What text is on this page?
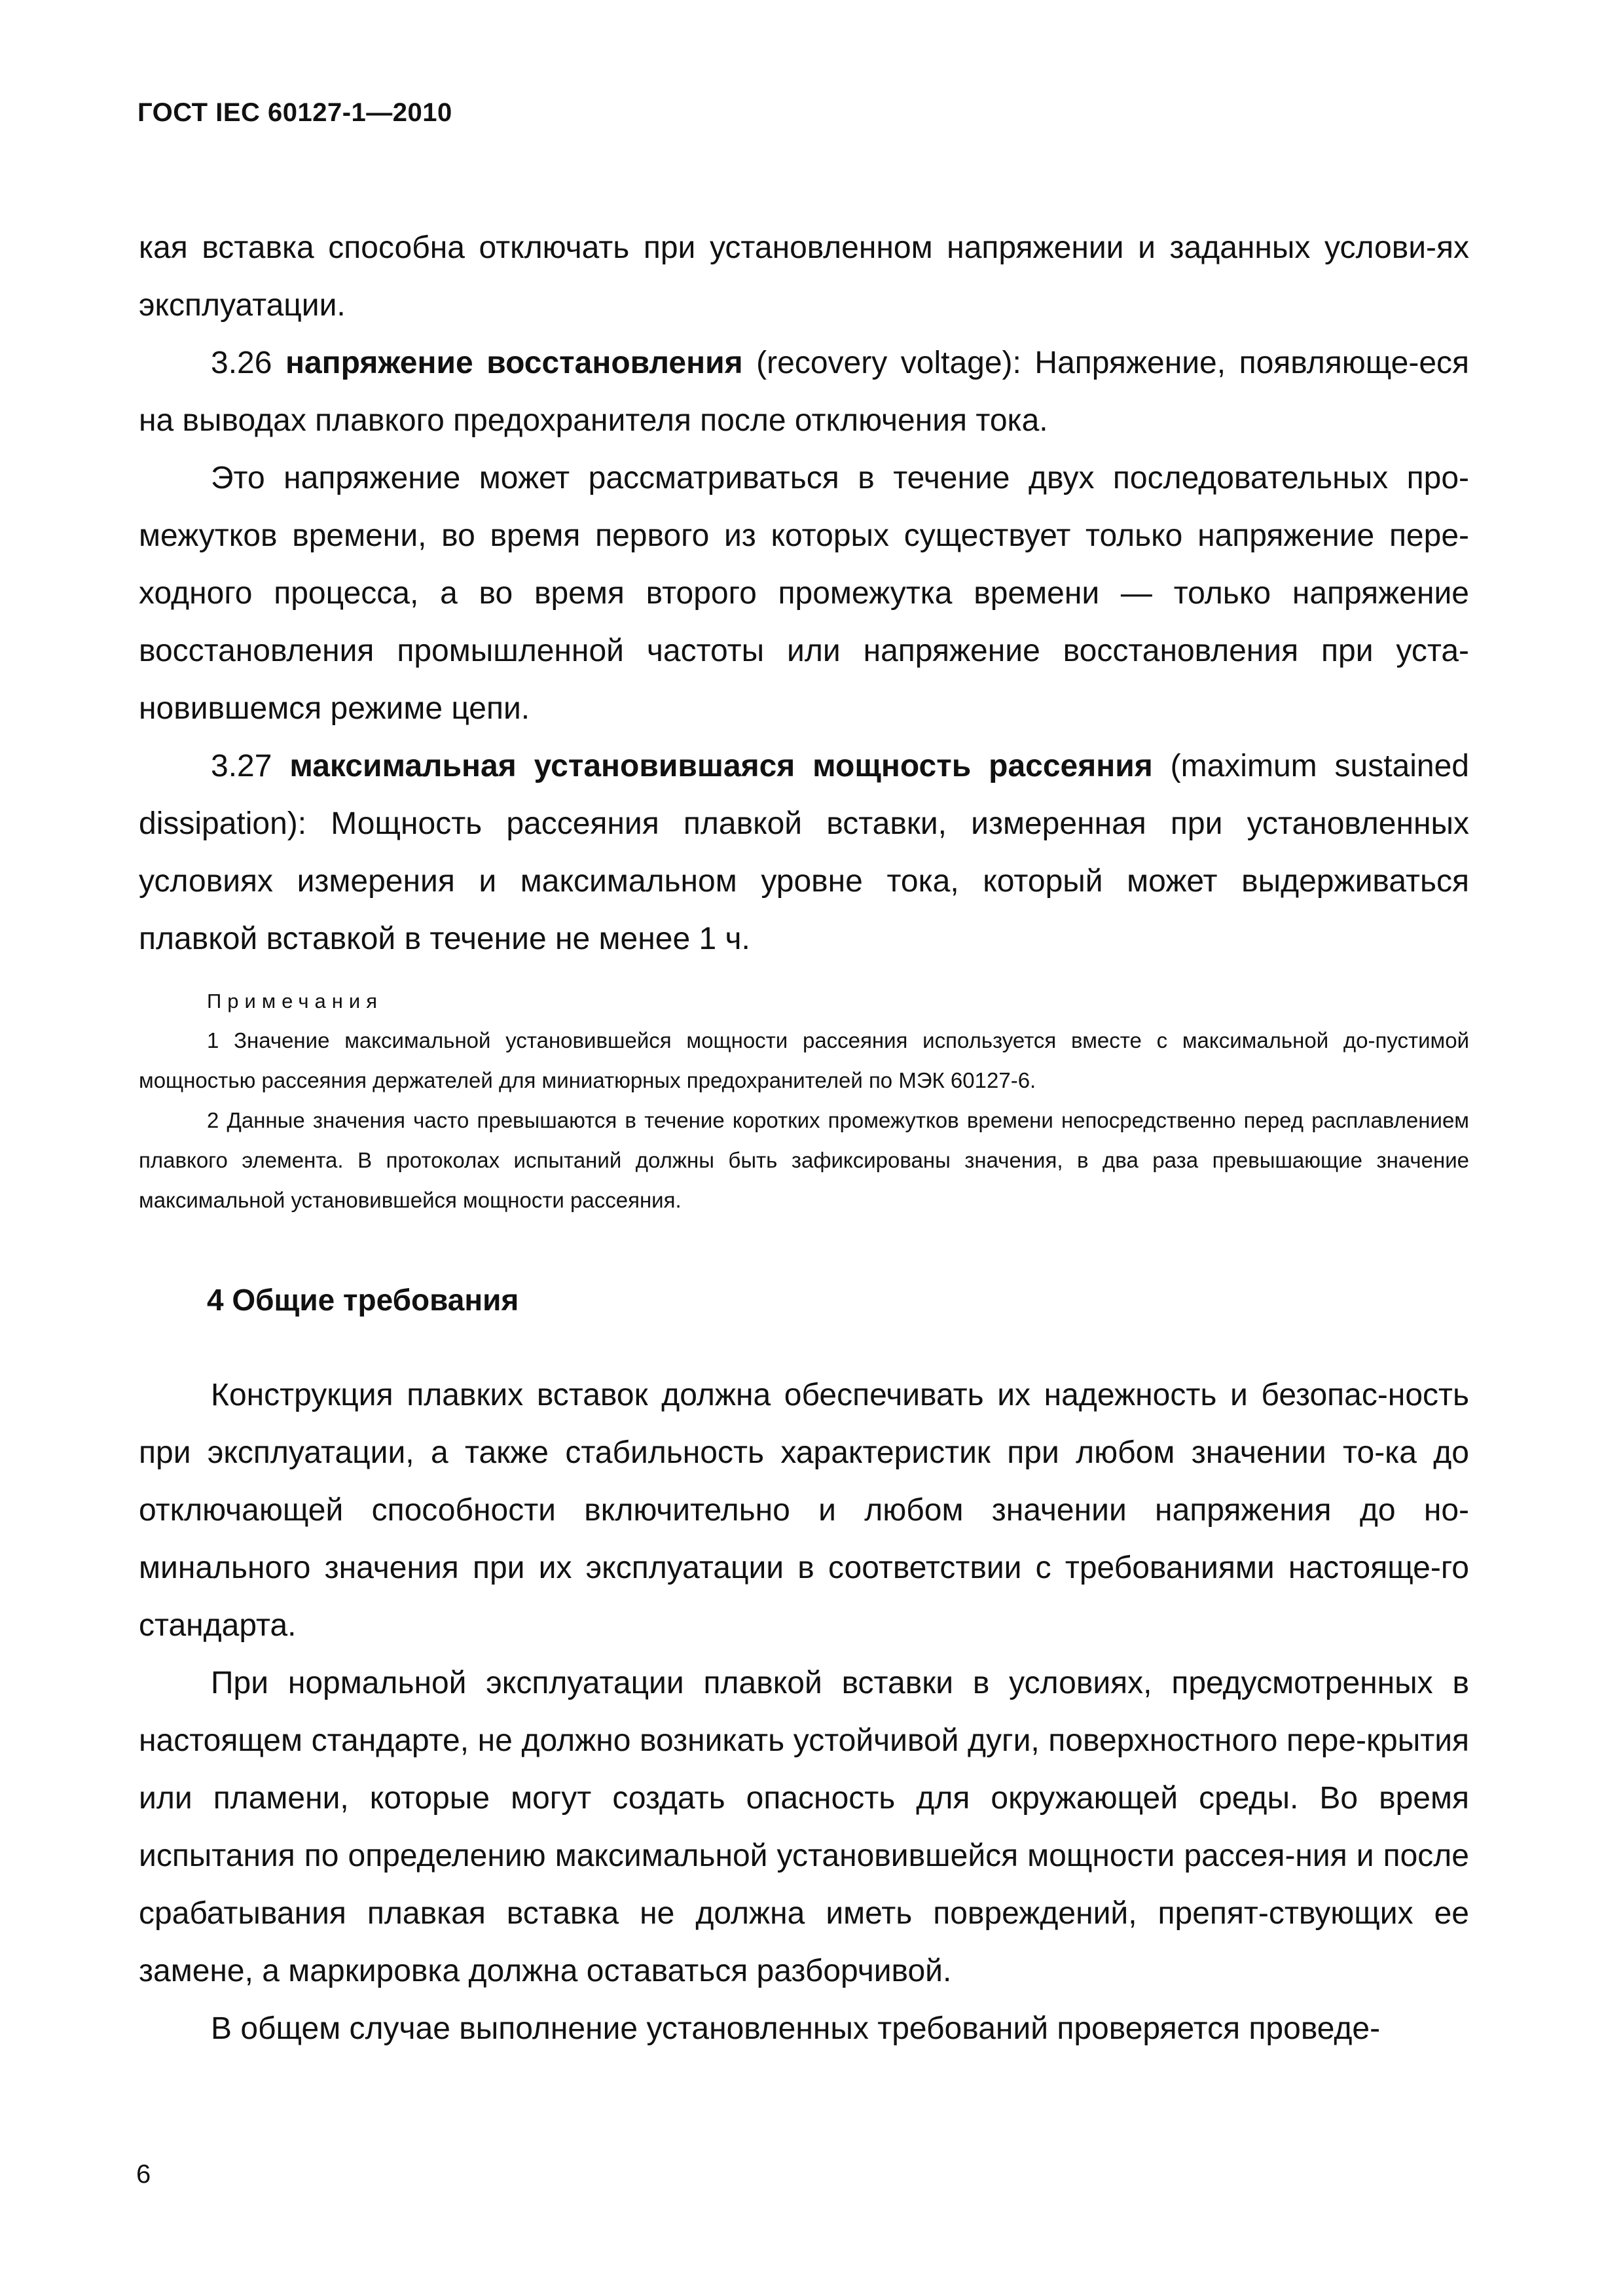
ГОСТ IEC 60127-1—2010

кая вставка способна отключать при установленном напряжении и заданных услови-ях эксплуатации.

3.26 напряжение восстановления (recovery voltage): Напряжение, появляюще-еся на выводах плавкого предохранителя после отключения тока.

Это напряжение может рассматриваться в течение двух последовательных про-межутков времени, во время первого из которых существует только напряжение пере-ходного процесса, а во время второго промежутка времени — только напряжение восстановления промышленной частоты или напряжение восстановления при уста-новившемся режиме цепи.

3.27 максимальная установившаяся мощность рассеяния (maximum sustained dissipation): Мощность рассеяния плавкой вставки, измеренная при установленных условиях измерения и максимальном уровне тока, который может выдерживаться плавкой вставкой в течение не менее 1 ч.

Примечания
1 Значение максимальной установившейся мощности рассеяния используется вместе с максимальной до-пустимой мощностью рассеяния держателей для миниатюрных предохранителей по МЭК 60127-6.
2 Данные значения часто превышаются в течение коротких промежутков времени непосредственно перед расплавлением плавкого элемента. В протоколах испытаний должны быть зафиксированы значения, в два раза превышающие значение максимальной установившейся мощности рассеяния.
4 Общие требования

Конструкция плавких вставок должна обеспечивать их надежность и безопас-ность при эксплуатации, а также стабильность характеристик при любом значении то-ка до отключающей способности включительно и любом значении напряжения до но-минального значения при их эксплуатации в соответствии с требованиями настояще-го стандарта.

При нормальной эксплуатации плавкой вставки в условиях, предусмотренных в настоящем стандарте, не должно возникать устойчивой дуги, поверхностного пере-крытия или пламени, которые могут создать опасность для окружающей среды. Во время испытания по определению максимальной установившейся мощности рассея-ния и после срабатывания плавкая вставка не должна иметь повреждений, препят-ствующих ее замене, а маркировка должна оставаться разборчивой.

В общем случае выполнение установленных требований проверяется проведе-

6
